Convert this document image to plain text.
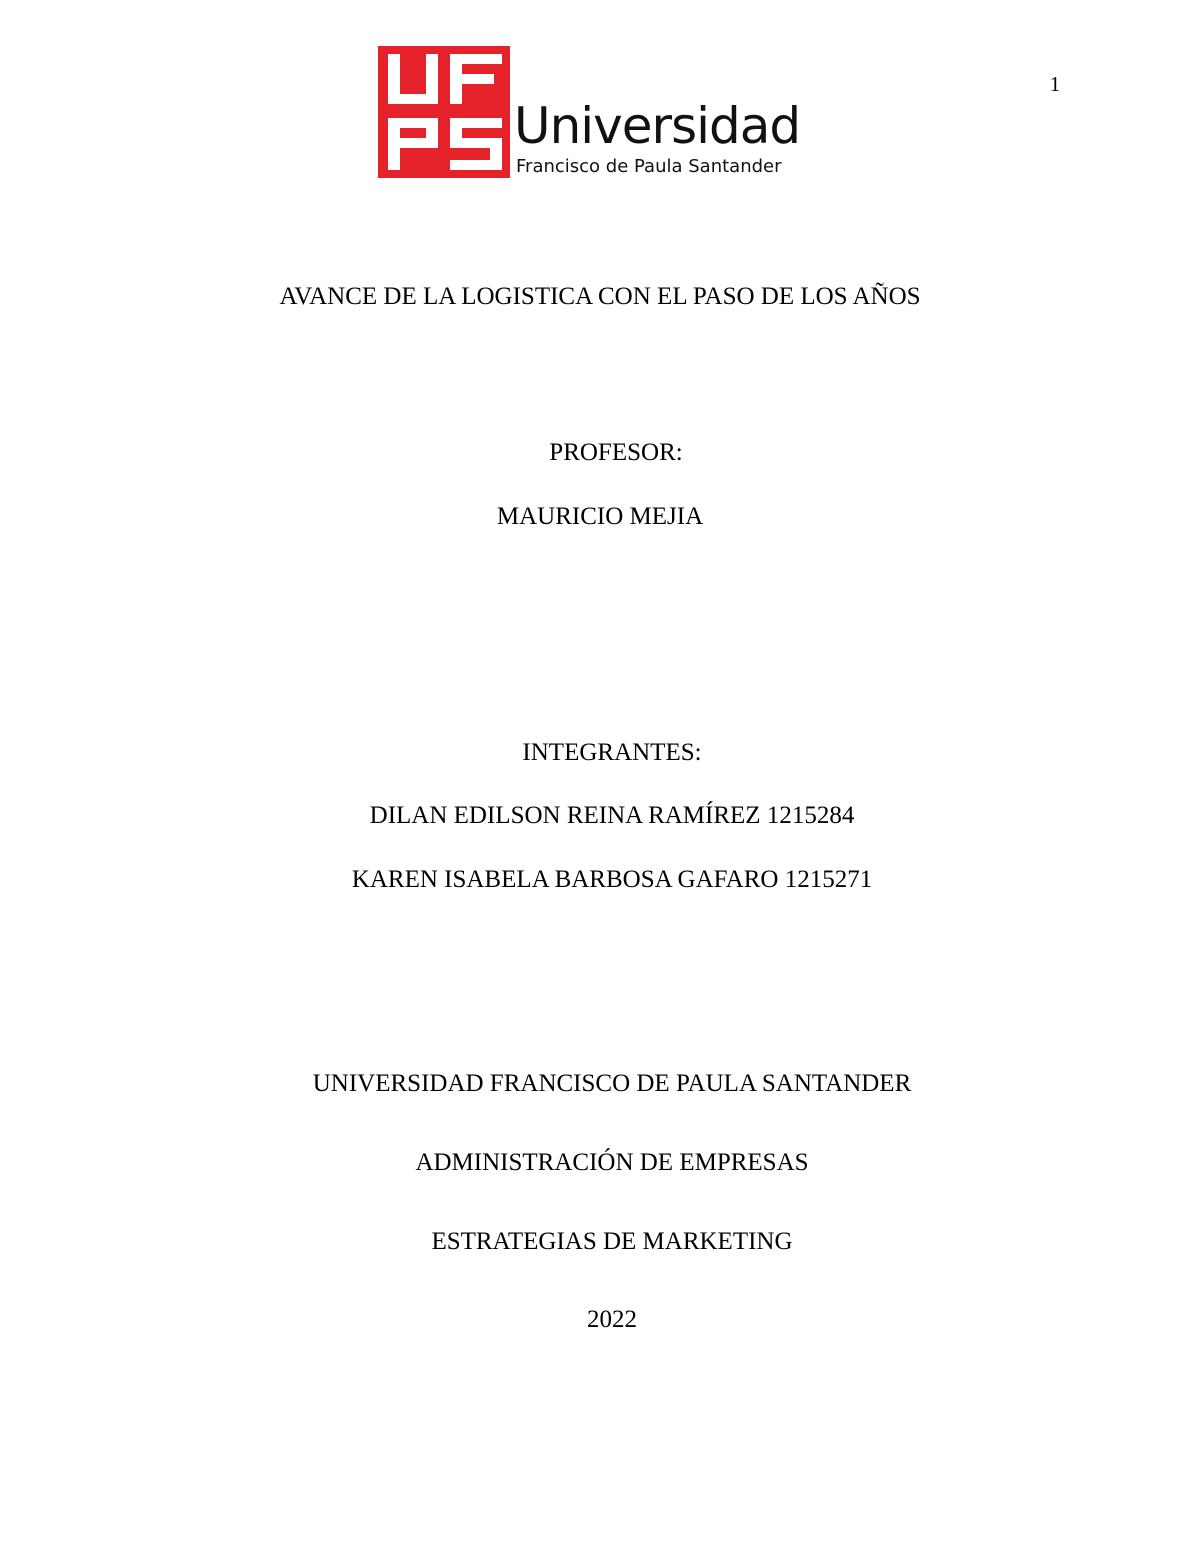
1
Universidad
Francisco de Paula Santander
AVANCE DE LA LOGISTICA CON EL PASO DE LOS AÑOS
PROFESOR:
MAURICIO MEJIA
INTEGRANTES:
DILAN EDILSON REINA RAMÍREZ 1215284
KAREN ISABELA BARBOSA GAFARO 1215271
UNIVERSIDAD FRANCISCO DE PAULA SANTANDER
ADMINISTRACIÓN DE EMPRESAS
ESTRATEGIAS DE MARKETING
2022
